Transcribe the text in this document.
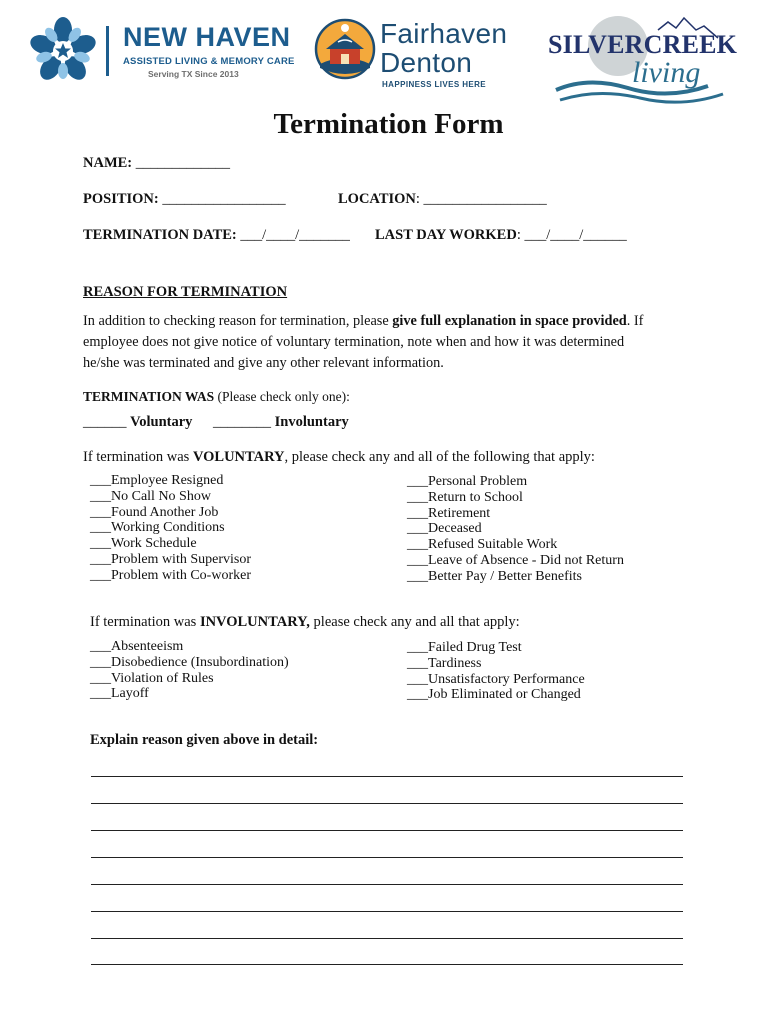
NEW HAVEN
ASSISTED LIVING & MEMORY CARE
Serving TX Since 2013
Fairhaven
Denton
HAPPINESS LIVES HERE
SILVERCREEK
living
Termination Form
NAME: _____________
POSITION: _________________	LOCATION: _________________
TERMINATION DATE: ___/____/_______ LAST DAY WORKED: ___/____/______
REASON FOR TERMINATION
In addition to checking reason for termination, please give full explanation in space provided. If
employee does not give notice of voluntary termination, note when and how it was determined
he/she was terminated and give any other relevant information.
TERMINATION WAS (Please check only one):
______ Voluntary ________ Involuntary
If termination was VOLUNTARY, please check any and all of the following that apply:
___Employee Resigned
___No Call No Show
___Found Another Job
___Working Conditions
___Work Schedule
___Problem with Supervisor
___Problem with Co-worker
___Personal Problem
___Return to School
___Retirement
___Deceased
___Refused Suitable Work
___Leave of Absence - Did not Return
___Better Pay / Better Benefits
If termination was INVOLUNTARY, please check any and all that apply:
___Absenteeism
___Disobedience (Insubordination)
___Violation of Rules
___Layoff
___Failed Drug Test
___Tardiness
___Unsatisfactory Performance
___Job Eliminated or Changed
Explain reason given above in detail:
